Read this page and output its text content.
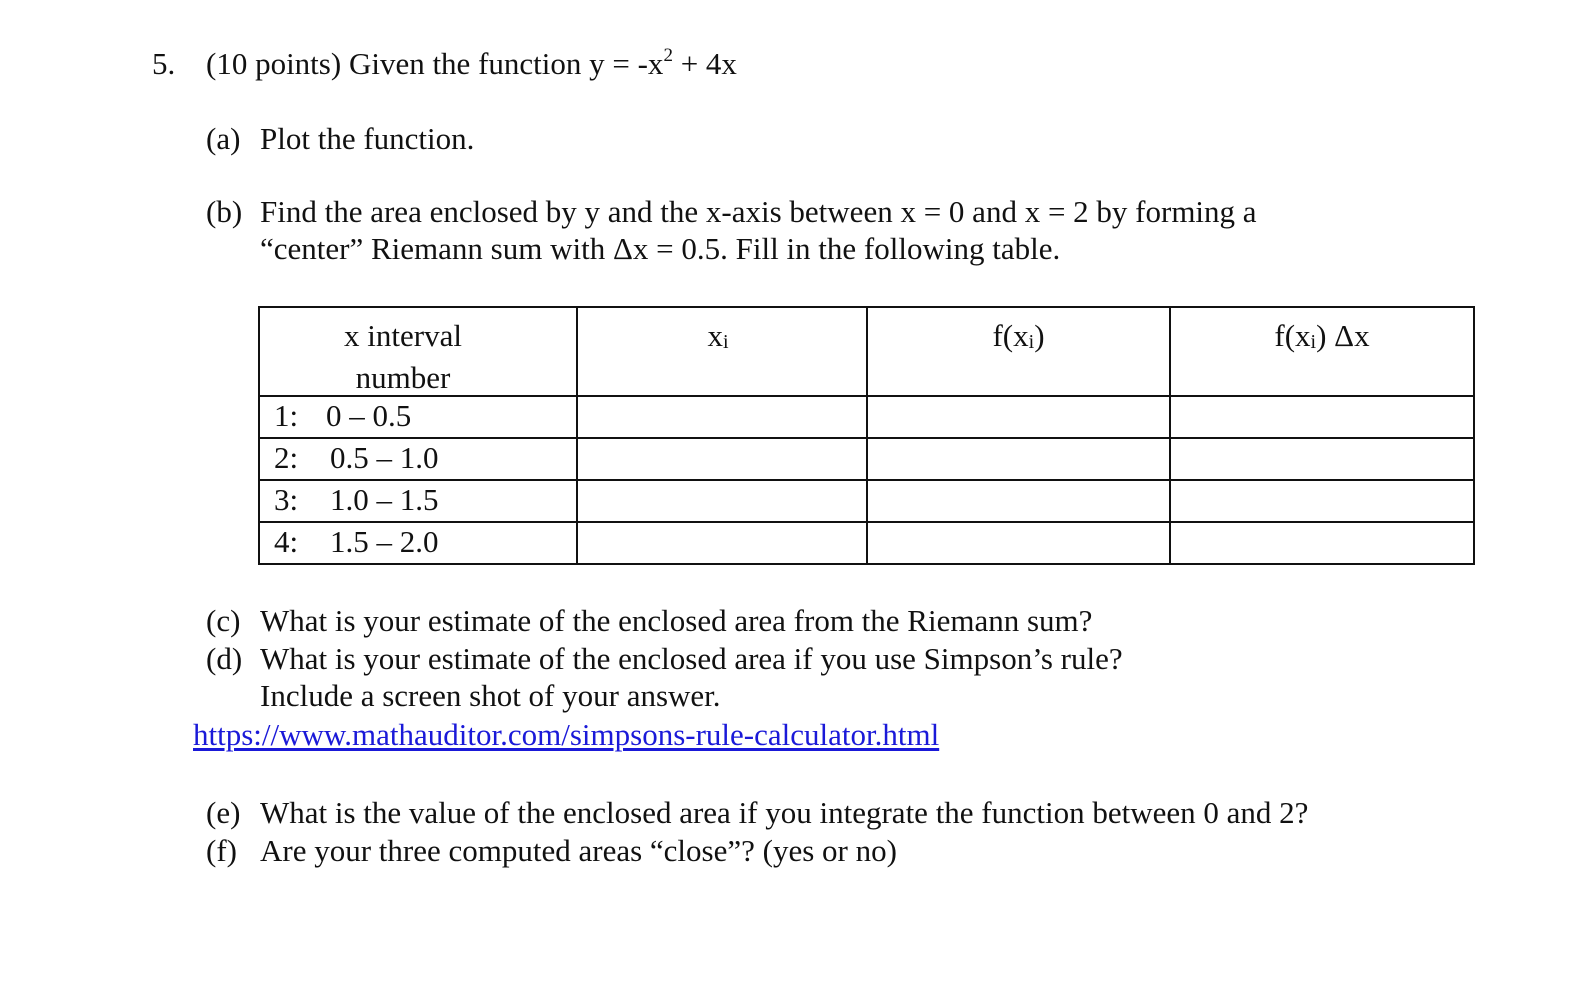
5. (10 points) Given the function $y = -x^2 + 4x$
(a) Plot the function.
(b) Find the area enclosed by y and the x-axis between x = 0 and x = 2 by forming a
“center” Riemann sum with Δx = 0.5. Fill in the following table.
x interval
number	$x_i$	$f(x_i)$	$f(x_i)$ Δx
1: 0 – 0.5			
2: 0.5 – 1.0			
3: 1.0 – 1.5			
4: 1.5 – 2.0			
(c) What is your estimate of the enclosed area from the Riemann sum?
(d) What is your estimate of the enclosed area if you use Simpson’s rule?
Include a screen shot of your answer.
https://www.mathauditor.com/simpsons-rule-calculator.html
(e) What is the value of the enclosed area if you integrate the function between 0 and 2?
(f) Are your three computed areas “close”? (yes or no)
